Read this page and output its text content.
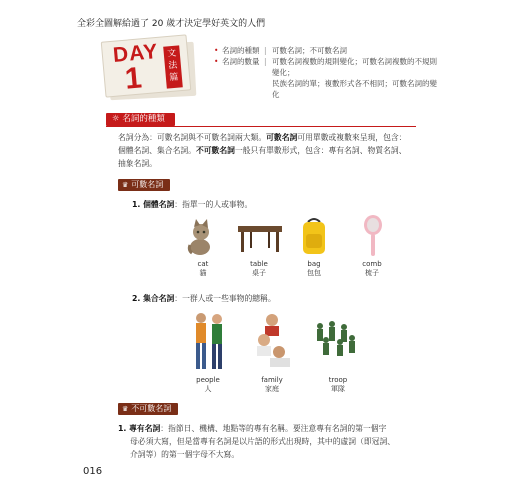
全彩全圖解給過了 20 歲才決定學好英文的人們
DAY
1
文法篇
• 名詞的種類 | 可數名詞；不可數名詞
• 名詞的數量 | 可數名詞複數的規則變化；可數名詞複數的不規則變化；
民族名詞的單；複數形式各不相同；可數名詞的變化
☼ 名詞的種類
名詞分為：可數名詞與不可數名詞兩大類。可數名詞可用單數或複數來呈現，包含：
個體名詞、集合名詞。不可數名詞一般只有單數形式，包含：專有名詞、物質名詞、
抽象名詞。
♛ 可數名詞
1. 個體名詞：指單一的人或事物。
cat
貓
table
桌子
bag
包包
comb
梳子
2. 集合名詞：一群人或一些事物的總稱。
people
人
family
家庭
troop
軍隊
♛ 不可數名詞
1. 專有名詞：指節日、機構、地點等的專有名稱。要注意專有名詞的第一個字
母必須大寫，但是當專有名詞是以片語的形式出現時，其中的虛詞（即冠詞、
介詞等）的第一個字母不大寫。
016
